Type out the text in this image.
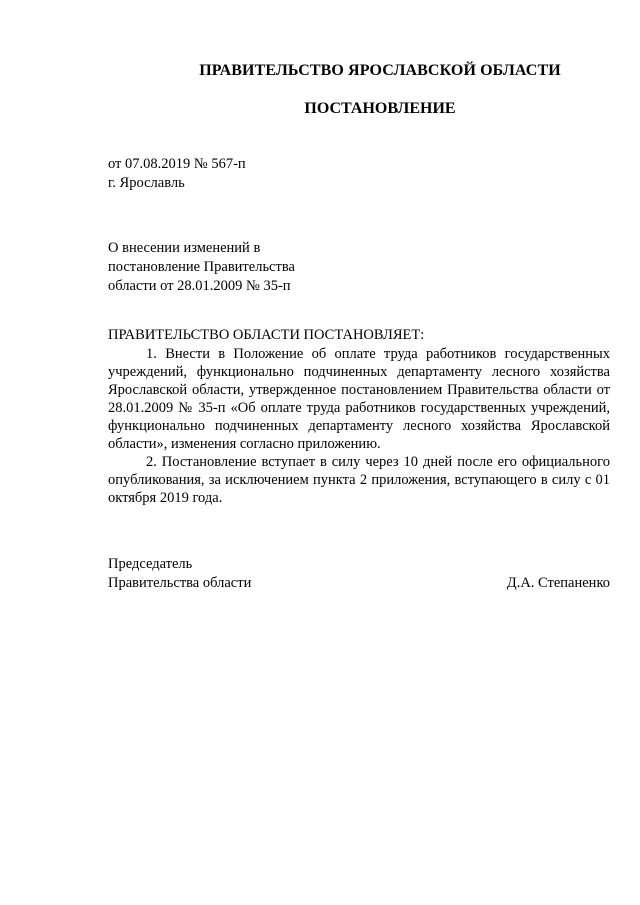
ПРАВИТЕЛЬСТВО ЯРОСЛАВСКОЙ ОБЛАСТИ
ПОСТАНОВЛЕНИЕ
от 07.08.2019 № 567-п
г. Ярославль
О внесении изменений в
постановление Правительства
области от 28.01.2009 № 35-п
ПРАВИТЕЛЬСТВО ОБЛАСТИ ПОСТАНОВЛЯЕТ:

1. Внести в Положение об оплате труда работников государственных учреждений, функционально подчиненных департаменту лесного хозяйства Ярославской области, утвержденное постановлением Правительства области от 28.01.2009 № 35-п «Об оплате труда работников государственных учреждений, функционально подчиненных департаменту лесного хозяйства Ярославской области», изменения согласно приложению.

2. Постановление вступает в силу через 10 дней после его официального опубликования, за исключением пункта 2 приложения, вступающего в силу с 01 октября 2019 года.

Председатель
Правительства области	Д.А. Степаненко
